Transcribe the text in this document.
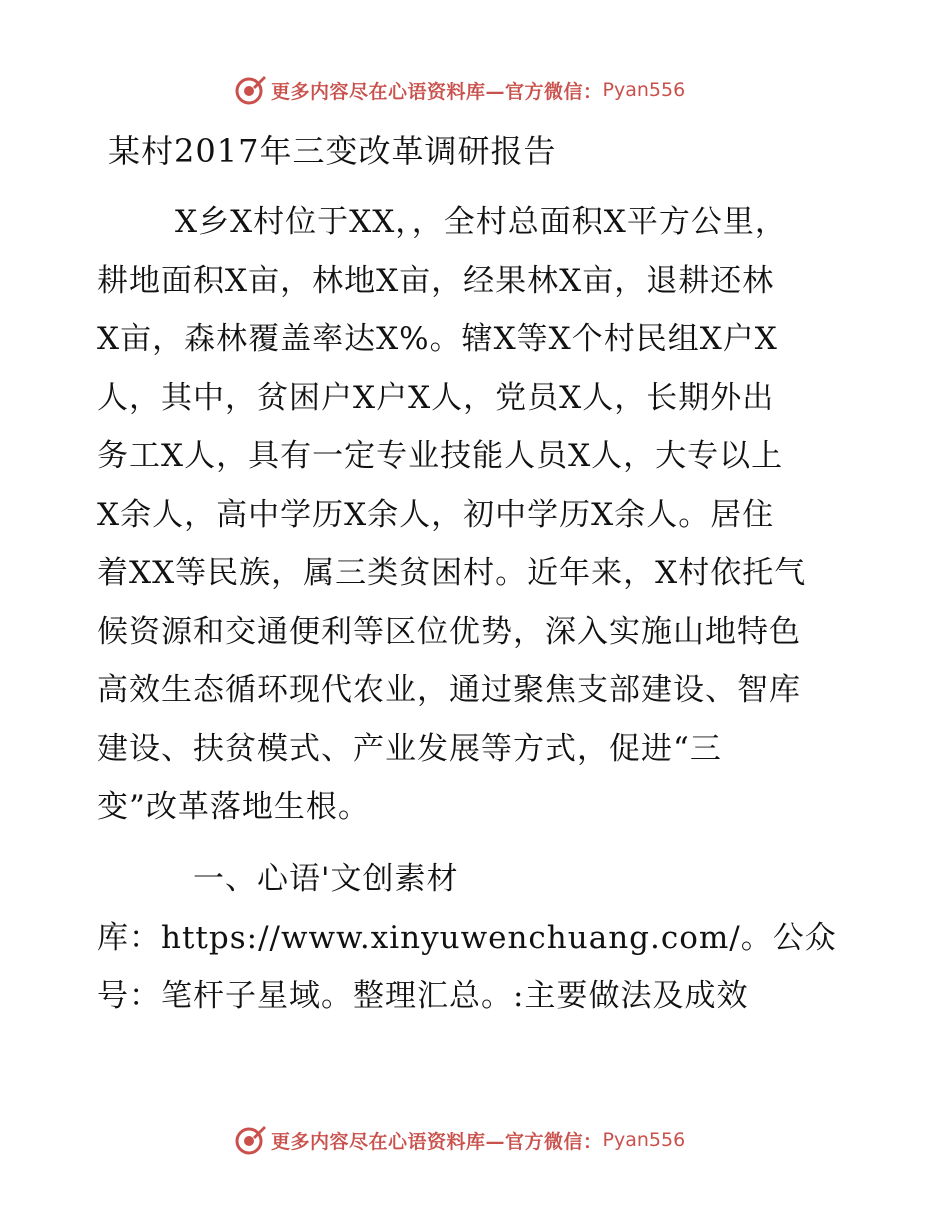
更多内容尽在心语资料库—官方微信： Pyan556
某村2017年三变改革调研报告
X乡X村位于XX，，全村总面积X平方公里，
耕地面积X亩，林地X亩，经果林X亩，退耕还林
X亩，森林覆盖率达X%。辖X等X个村民组X户X
人，其中，贫困户X户X人，党员X人，长期外出
务工X人，具有一定专业技能人员X人，大专以上
X余人，高中学历X余人，初中学历X余人。居住
着XX等民族，属三类贫困村。近年来，X村依托气
候资源和交通便利等区位优势，深入实施山地特色
高效生态循环现代农业，通过聚焦支部建设、智库
建设、扶贫模式、产业发展等方式，促进“三
变”改革落地生根。
一、心语'文创素材
库：https://www.xinyuwenchuang.com/。公众
号：笔杆子星域。整理汇总。:主要做法及成效
更多内容尽在心语资料库—官方微信： Pyan556
